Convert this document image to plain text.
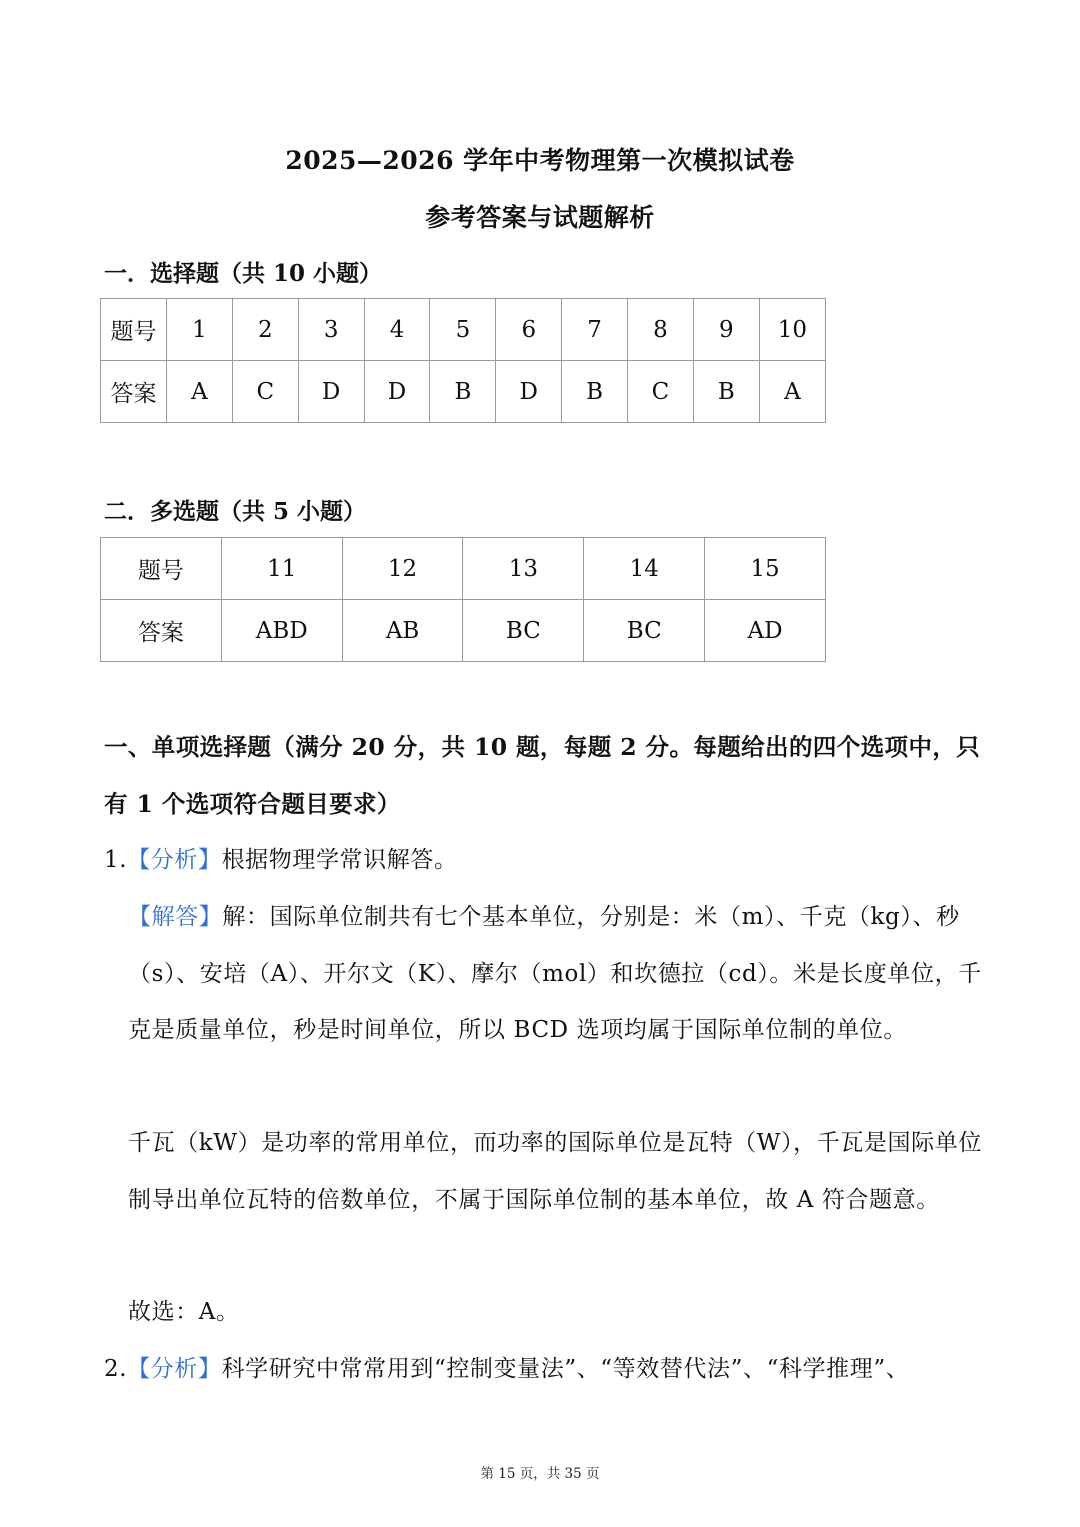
2025—2026 学年中考物理第一次模拟试卷
参考答案与试题解析
一．选择题（共 10 小题）
题号	1	2	3	4	5	6	7	8	9	10
答案	A	C	D	D	B	D	B	C	B	A
二．多选题（共 5 小题）
题号	11	12	13	14	15
答案	ABD	AB	BC	BC	AD
一、单项选择题（满分 20 分，共 10 题，每题 2 分。每题给出的四个选项中，只有 1 个选项符合题目要求）
1.【分析】根据物理学常识解答。
【解答】解：国际单位制共有七个基本单位，分别是：米（m）、千克（kg）、秒（s）、安培（A）、开尔文（K）、摩尔（mol）和坎德拉（cd）。米是长度单位，千克是质量单位，秒是时间单位，所以 BCD 选项均属于国际单位制的单位。
千瓦（kW）是功率的常用单位，而功率的国际单位是瓦特（W），千瓦是国际单位制导出单位瓦特的倍数单位，不属于国际单位制的基本单位，故 A 符合题意。
故选：A。
2.【分析】科学研究中常常用到“控制变量法”、“等效替代法”、“科学推理”、
第 15 页，共 35 页
